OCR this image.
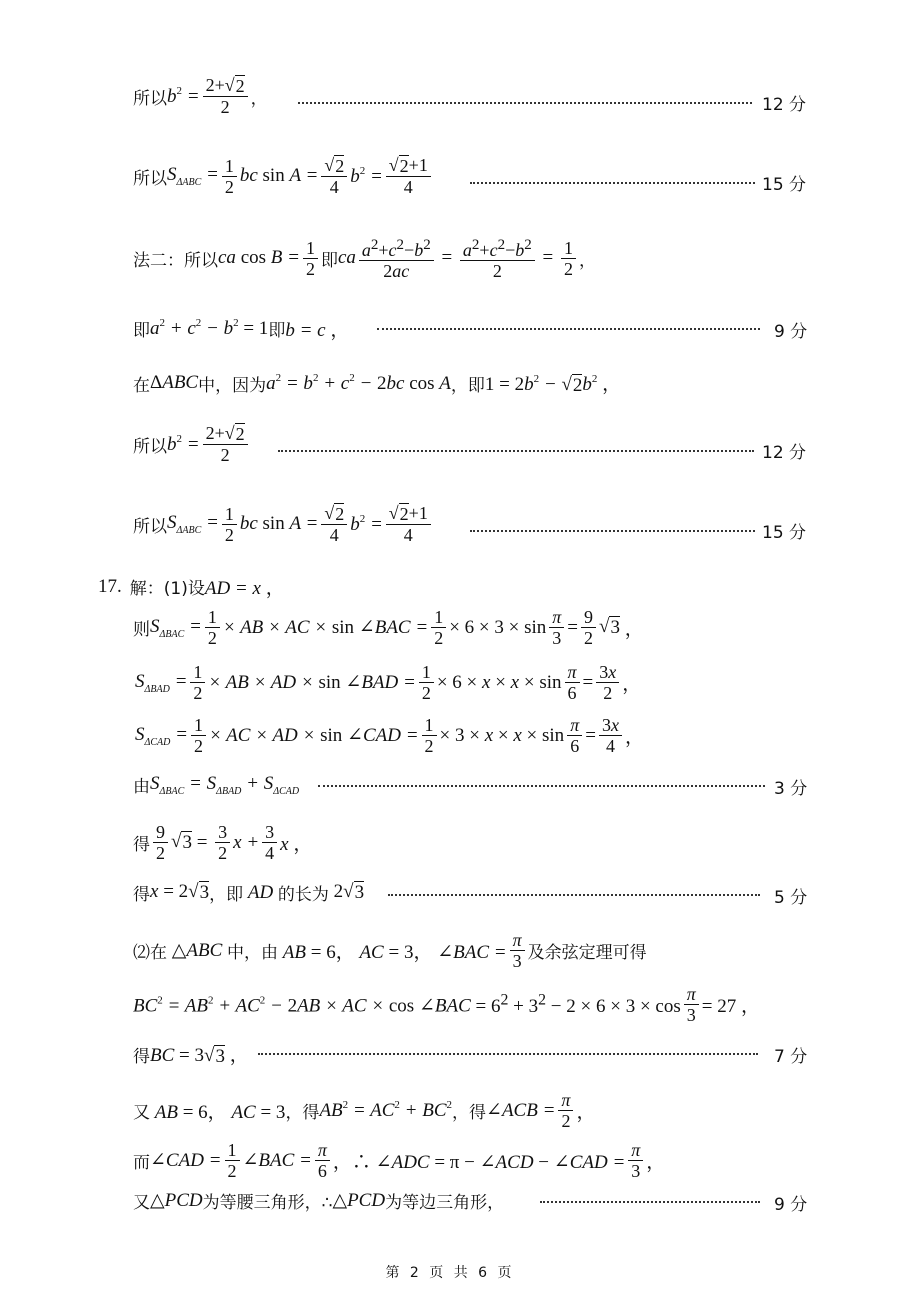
所以 $b^2 = \frac{2+√ 2}{2}$ ，	12 分
所以 $S_{\Delta ABC} = \frac{1}{2}$ bc $\sin A = \frac{√ 2}{4} b^2 = \frac{√ 2 +1}{4}$	15 分
法二：所以 ca $\cos B = \frac{1}{2}$ 即 ca $\frac{a^2+c^2-b^2}{2ac} = \frac{a^2+c^2-b^2}{2} = \frac{1}{2}$ ，
即 $a^2 + c^2 - b^2 = 1$ 即 b = c ，	9 分
在 ΔABC 中，因为 $a^2 = b^2 + c^2 - 2bc$ cos A ，即 $1 = 2b^2$ − √ 2 $b^2$ ，
所以 $b^2 = \frac{2+√ 2}{2}$	12 分
所以 $S_{\Delta ABC} = \frac{1}{2}$ bc $\sin A = \frac{√ 2}{4} b^2 = \frac{√ 2 +1}{4}$	15 分
17. 解：(1)设 AD = x ，
则 $S_{\Delta BAC} = \frac{1}{2}$ × AB × AC × sin ∠BAC = $\frac{1}{2} \times 6 \times 3 \times \sin \frac{\pi}{3} = \frac{9}{2}$ √ 3 ，
$S_{\Delta BAD} = \frac{1}{2}$ × AB × AD × sin ∠BAD = $\frac{1}{2} \times 6 \times x \times x \times \sin \frac{\pi}{6} = \frac{3x}{2}$ ，
$S_{\Delta CAD} = \frac{1}{2}$ × AC × AD × sin ∠CAD = $\frac{1}{2} \times 3 \times x \times x \times \sin \frac{\pi}{6} = \frac{3x}{4}$ ，
由 $S_{\Delta BAC} = S_{\Delta BAD} + S_{\Delta CAD}$	3 分
得 $\frac{9}{2}$ √ $3 = \frac{3}{2}$ $x + \frac{3}{4}$ x ，
得 x = 2√ 3 ，即 AD 的长为 2√ 3	5 分
⑵在 △ABC 中，由 AB = 6， AC = 3， ∠BAC = $\frac{\pi}{3}$ 及余弦定理可得
$BC^2 = AB^2 + AC^2 - 2AB$ × AC × cos ∠BAC = $6^2 + 3^2 - 2 \times 6 \times 3 \times \cos \frac{\pi}{3} = 27$ ，
得 BC = 3√ 3 ，	7 分
又 AB = 6， AC = 3 ，得 $AB^2 = AC^2 + BC^2$ ，得 ∠ACB = $\frac{\pi}{2}$ ，
而 ∠CAD = $\frac{1}{2}$ ∠BAC = $\frac{\pi}{6}$ ，∴ ∠ADC = π − ∠ACD − ∠CAD = $\frac{\pi}{3}$ ，
又 △PCD 为等腰三角形，∴ △PCD 为等边三角形，	9 分
第 2 页 共 6 页
